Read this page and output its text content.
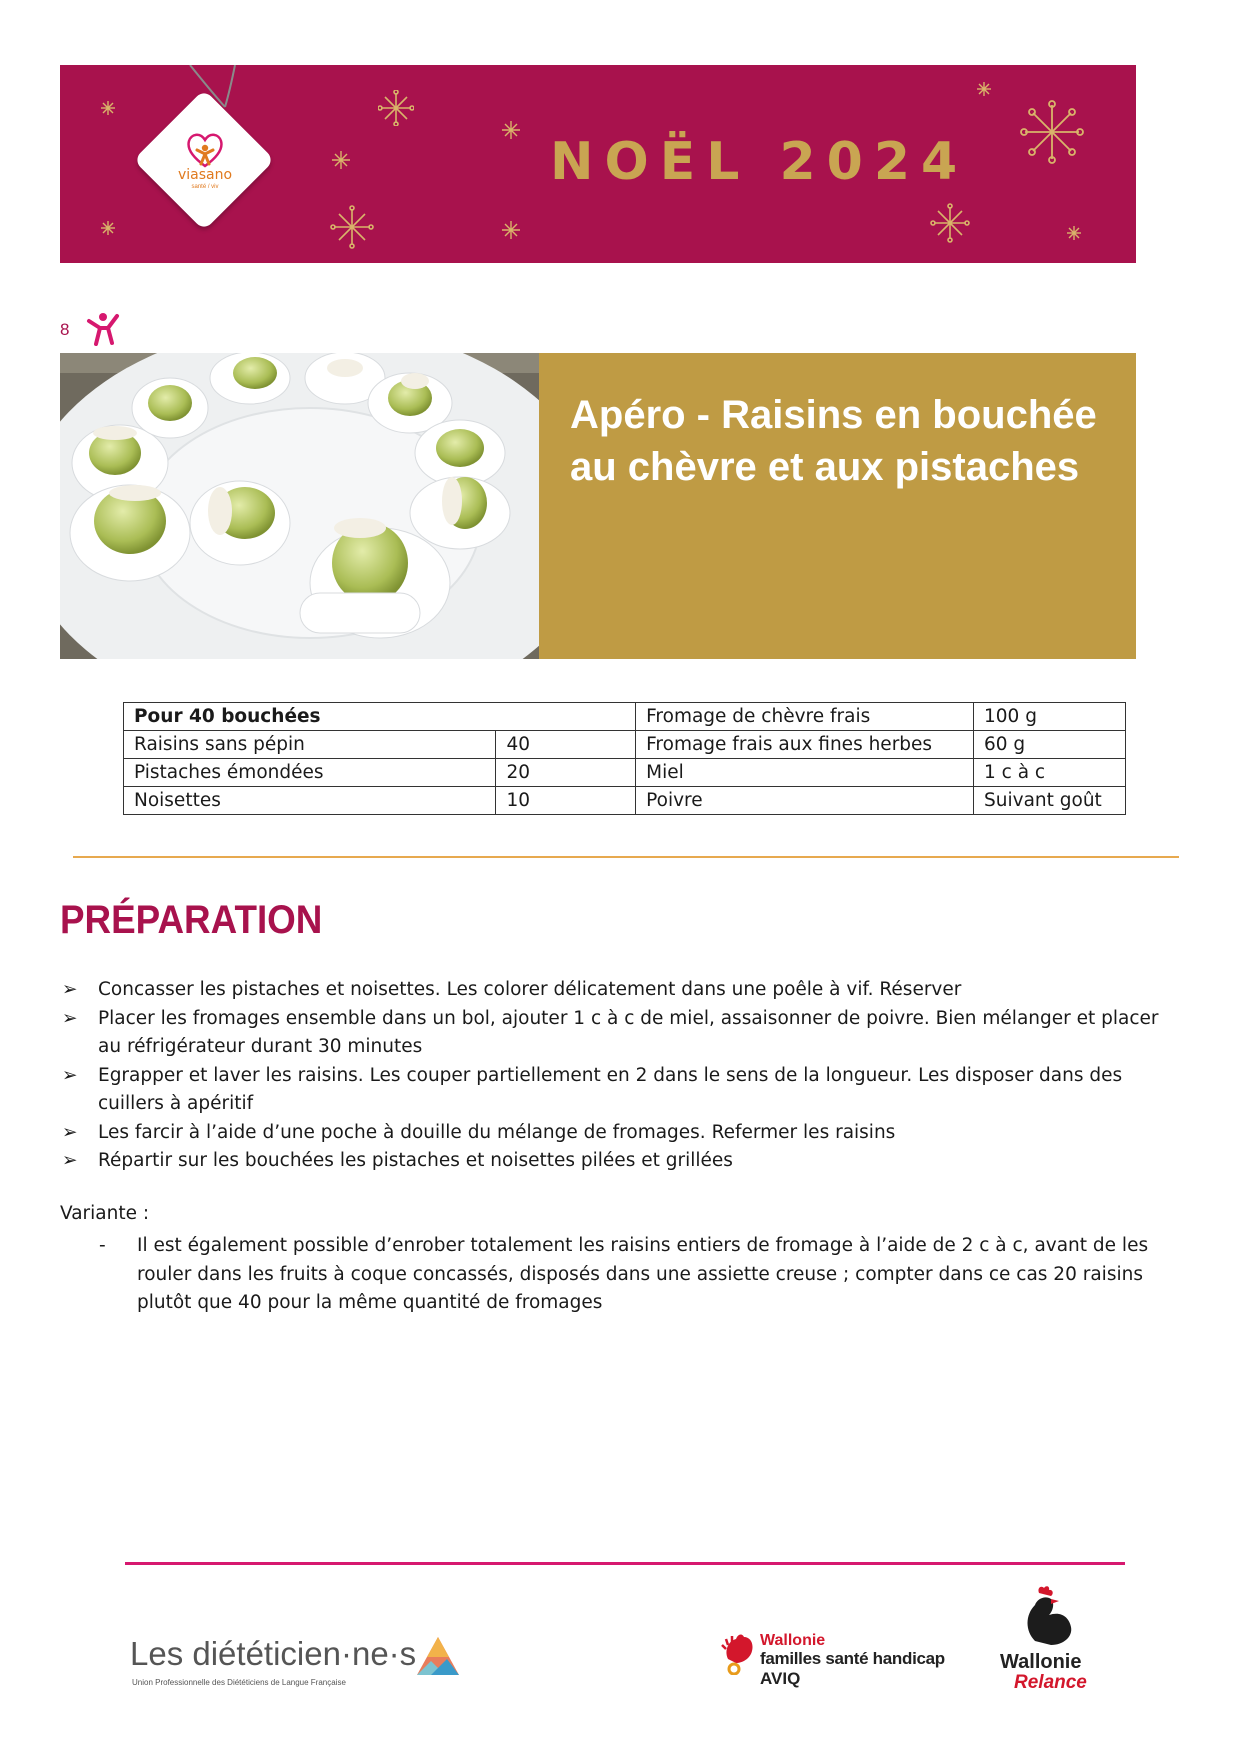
NOËL 2024
viasano
santé / viv
8
Apéro - Raisins en bouchée
au chèvre et aux pistaches
Pour 40 bouchées		Fromage de chèvre frais	100 g
Raisins sans pépin	40	Fromage frais aux fines herbes	60 g
Pistaches émondées	20	Miel	1 c à c
Noisettes	10	Poivre	Suivant goût
PRÉPARATION
➢ Concasser les pistaches et noisettes. Les colorer délicatement dans une poêle à vif. Réserver
➢ Placer les fromages ensemble dans un bol, ajouter 1 c à c de miel, assaisonner de poivre. Bien mélanger et placer au réfrigérateur durant 30 minutes
➢ Egrapper et laver les raisins. Les couper partiellement en 2 dans le sens de la longueur. Les disposer dans des cuillers à apéritif
➢ Les farcir à l’aide d’une poche à douille du mélange de fromages. Refermer les raisins
➢ Répartir sur les bouchées les pistaches et noisettes pilées et grillées
Variante :
- Il est également possible d’enrober totalement les raisins entiers de fromage à l’aide de 2 c à c, avant de les rouler dans les fruits à coque concassés, disposés dans une assiette creuse ; compter dans ce cas 20 raisins plutôt que 40 pour la même quantité de fromages
Les diététicien·ne·s
Union Professionnelle des Diététiciens de Langue Française
Wallonie
familles santé handicap
AVIQ
Wallonie
Relance
